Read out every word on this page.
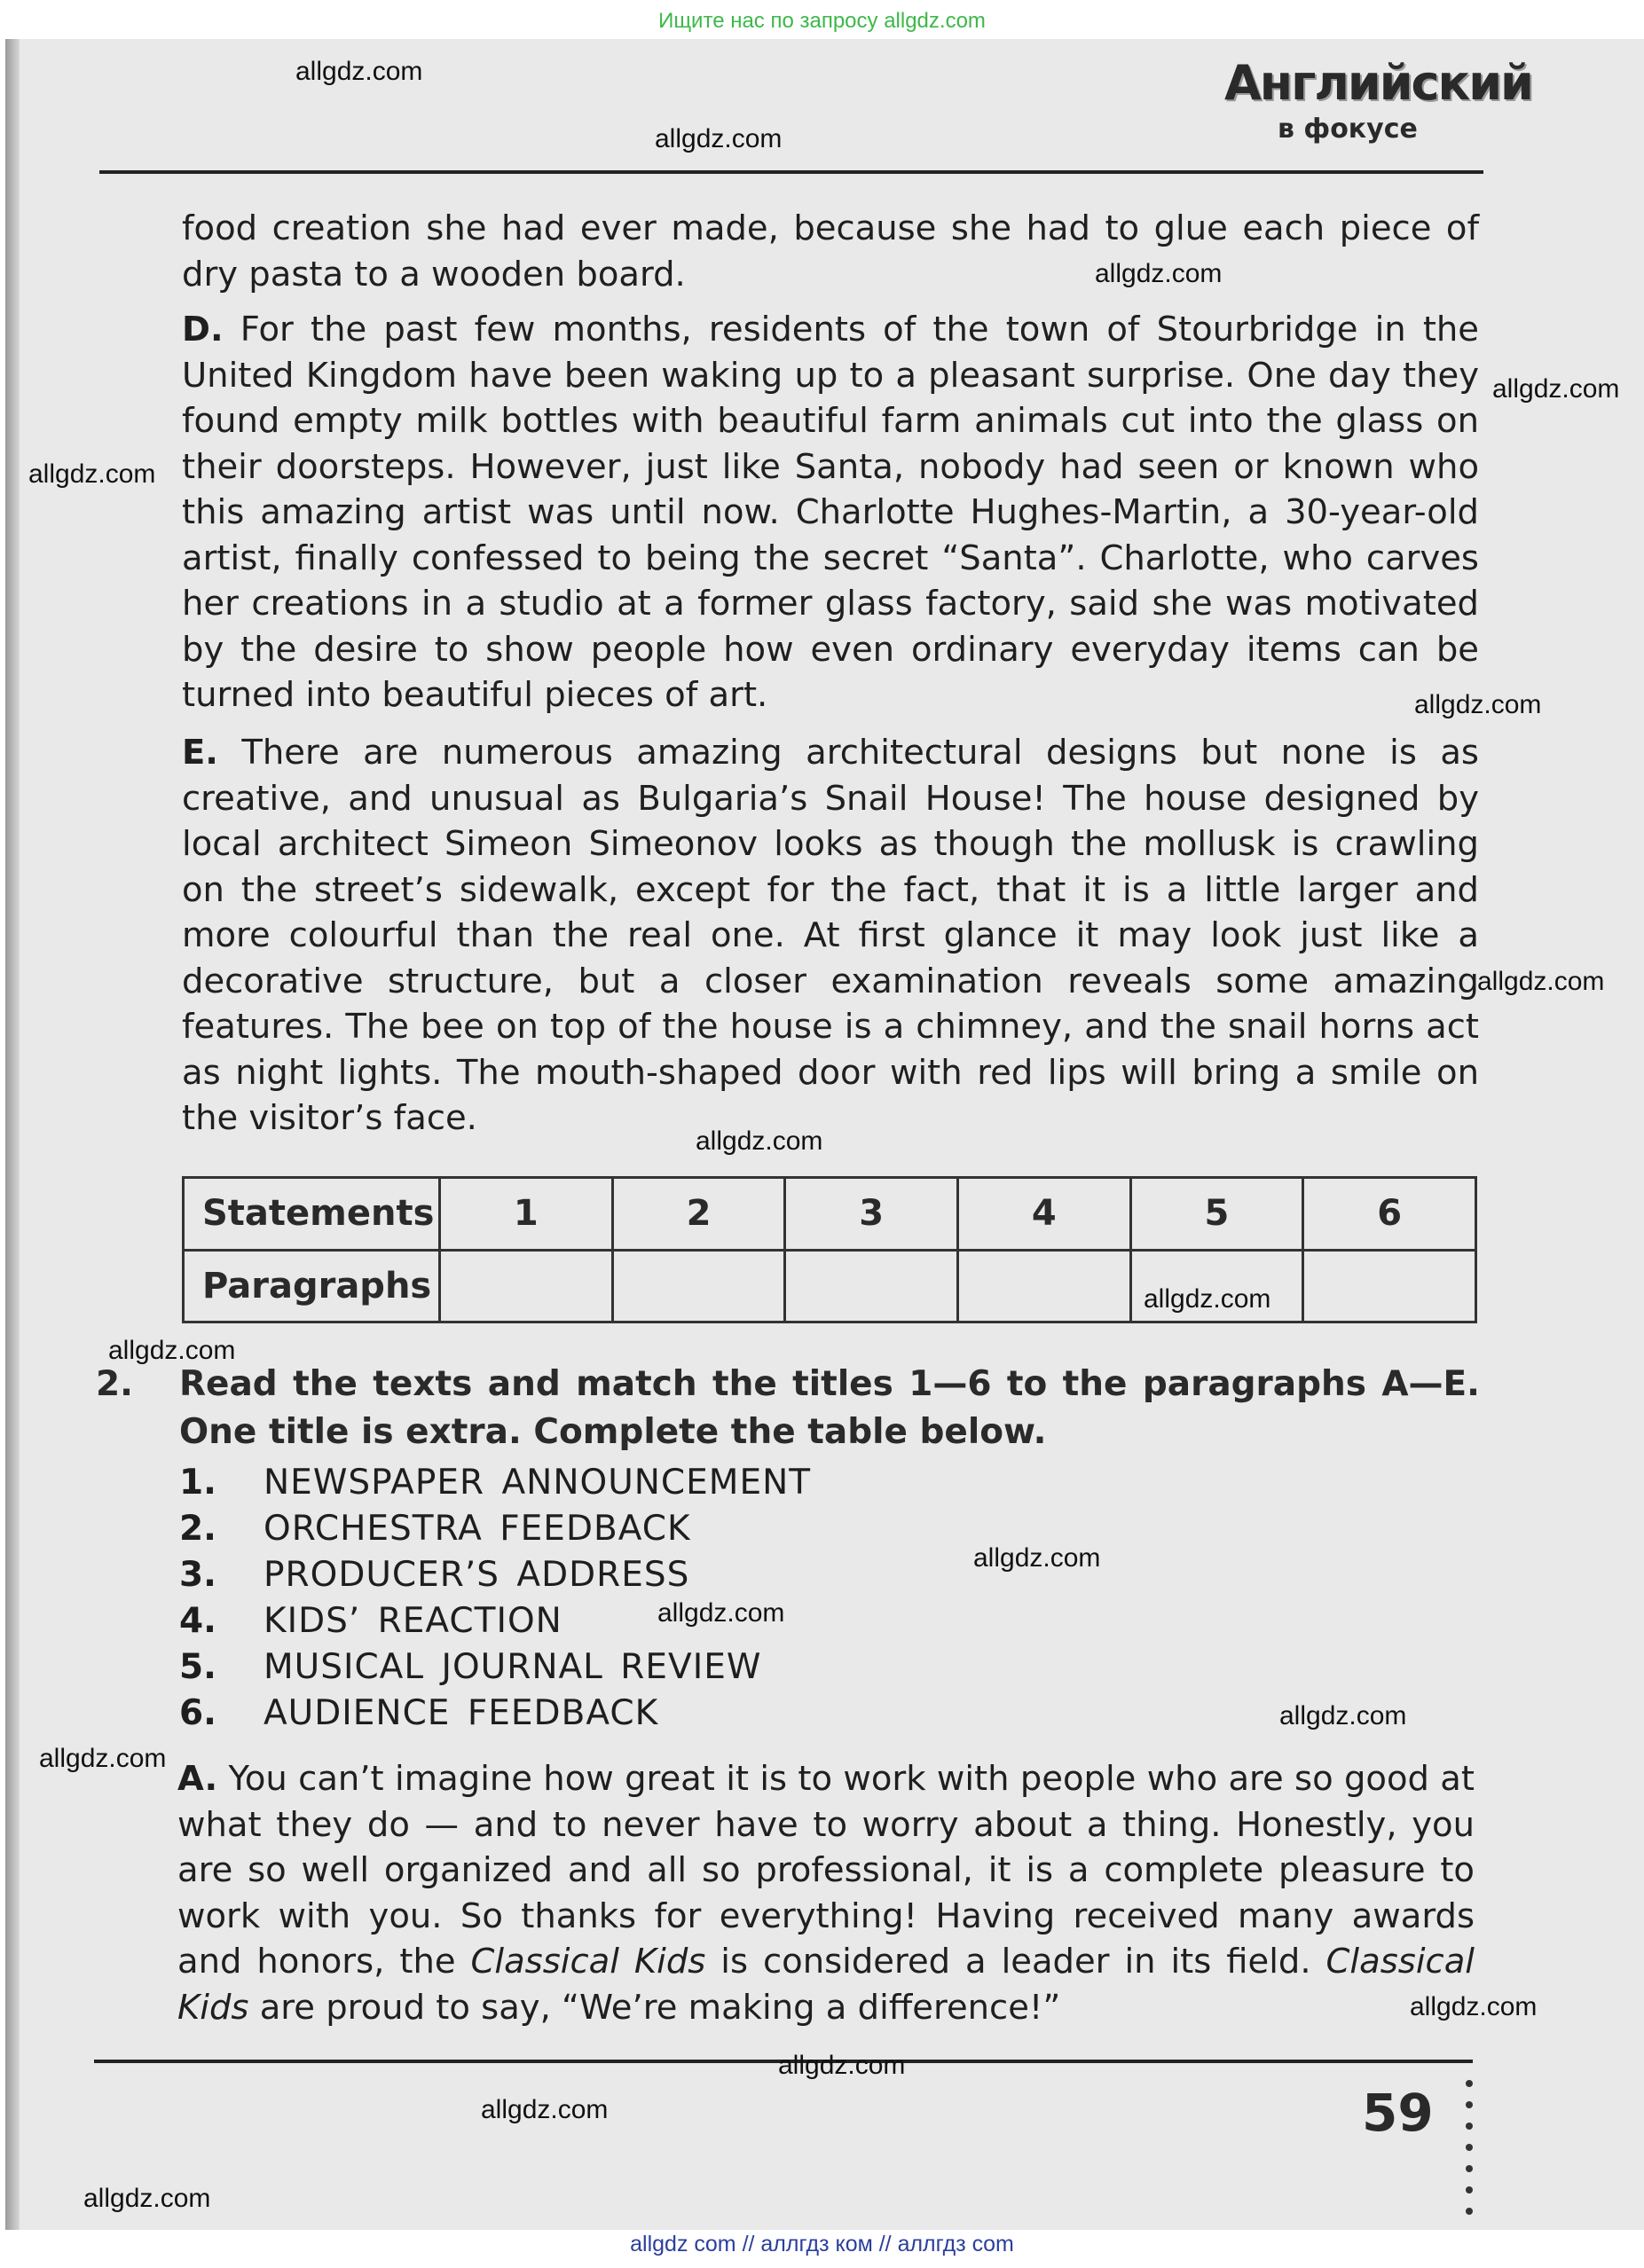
Ищите нас по запросу allgdz.com
Английский
в фокусе
food creation she had ever made, because she had to glue each piece of dry pasta to a wooden board.
D. For the past few months, residents of the town of Stourbridge in the United Kingdom have been waking up to a pleasant surprise. One day they found empty milk bottles with beautiful farm animals cut into the glass on their doorsteps. However, just like Santa, nobody had seen or known who this amazing artist was until now. Charlotte Hughes-Martin, a 30-year-old artist, finally confessed to being the secret “Santa”. Charlotte, who carves her creations in a studio at a former glass factory, said she was motivated by the desire to show people how even ordinary everyday items can be turned into beautiful pieces of art.
E. There are numerous amazing architectural designs but none is as creative, and unusual as Bulgaria’s Snail House! The house designed by local architect Simeon Simeonov looks as though the mollusk is crawling on the street’s sidewalk, except for the fact, that it is a little larger and more colourful than the real one. At first glance it may look just like a decorative structure, but a closer examination reveals some amazing features. The bee on top of the house is a chimney, and the snail horns act as night lights. The mouth-shaped door with red lips will bring a smile on the visitor’s face.
Statements	1	2	3	4	5	6
Paragraphs						
2. Read the texts and match the titles 1—6 to the paragraphs A—E. One title is extra. Complete the table below.
1. NEWSPAPER ANNOUNCEMENT
2. ORCHESTRA FEEDBACK
3. PRODUCER’S ADDRESS
4. KIDS’ REACTION
5. MUSICAL JOURNAL REVIEW
6. AUDIENCE FEEDBACK
A. You can’t imagine how great it is to work with people who are so good at what they do — and to never have to worry about a thing. Honestly, you are so well organized and all so professional, it is a complete pleasure to work with you. So thanks for everything! Having received many awards and honors, the Classical Kids is considered a leader in its field. Classical Kids are proud to say, “We’re making a difference!”
59
allgdz.com
allgdz.com
allgdz.com
allgdz.com
allgdz.com
allgdz.com
allgdz.com
allgdz.com
allgdz.com
allgdz.com
allgdz.com
allgdz.com
allgdz.com
allgdz.com
allgdz.com
allgdz.com
allgdz.com
allgdz.com
allgdz com // аллгдз ком // аллгдз com
